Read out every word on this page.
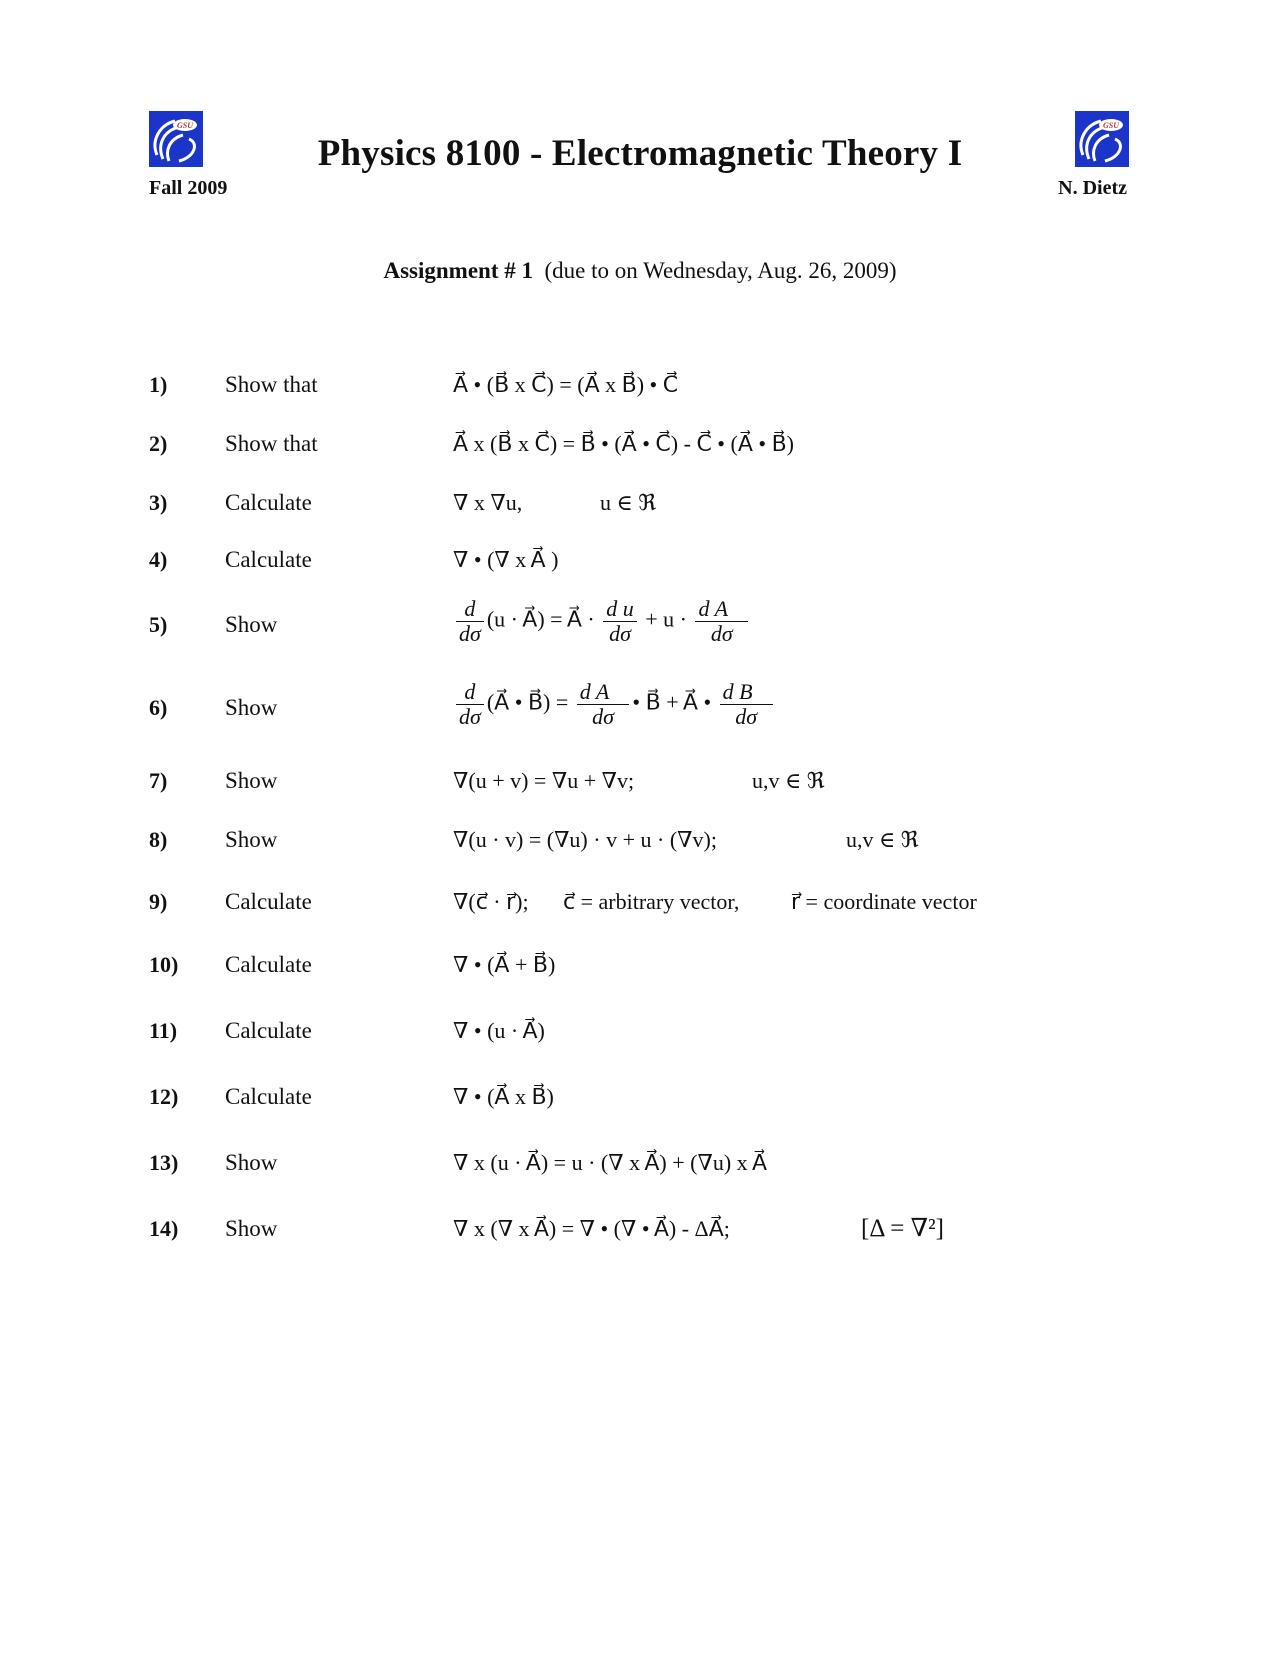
GSU	GSU
Physics 8100 - Electromagnetic Theory I
Fall 2009	N. Dietz
Assignment # 1 (due to on Wednesday, Aug. 26, 2009)
1)	Show that	A⃗ • (B⃗ x C⃗) = (A⃗ x B⃗) • C⃗
2)	Show that	A⃗ x (B⃗ x C⃗) = B⃗ • (A⃗ • C⃗) - C⃗ • (A⃗ • B⃗)
3)	Calculate	∇ x ∇u,	u ∈ ℜ
4)	Calculate	∇ • (∇ x A⃗ )
5)	Show	$\frac{d}{d\sigma} (u$ · A⃗) = A⃗ · $\frac{\text{d u}}{d\sigma} + u \cdot \frac{\text{d A⃗}}{d\sigma}$
6)	Show	$\frac{d}{d\sigma}$ (A⃗ • B⃗) = $\frac{\text{d A⃗}}{d\sigma}$ • B⃗ + A⃗ • $\frac{\text{d B⃗}}{d\sigma}$
7)	Show	∇(u + v) = ∇u + ∇v;	u,v ∈ ℜ
8)	Show	∇(u · v) = (∇u) · v + u · (∇v);	u,v ∈ ℜ
9)	Calculate	∇(c⃗ · r⃗); c⃗ = arbitrary vector, r⃗ = coordinate vector
10) Calculate	∇ • (A⃗ + B⃗)
11) Calculate	∇ • (u · A⃗)
12) Calculate	∇ • (A⃗ x B⃗)
13) Show	∇ x (u · A⃗) = u · (∇ x A⃗) + (∇u) x A⃗
14) Show	∇ x (∇ x A⃗) = ∇ • (∇ • A⃗) - ΔA⃗;	[Δ = ∇²]
